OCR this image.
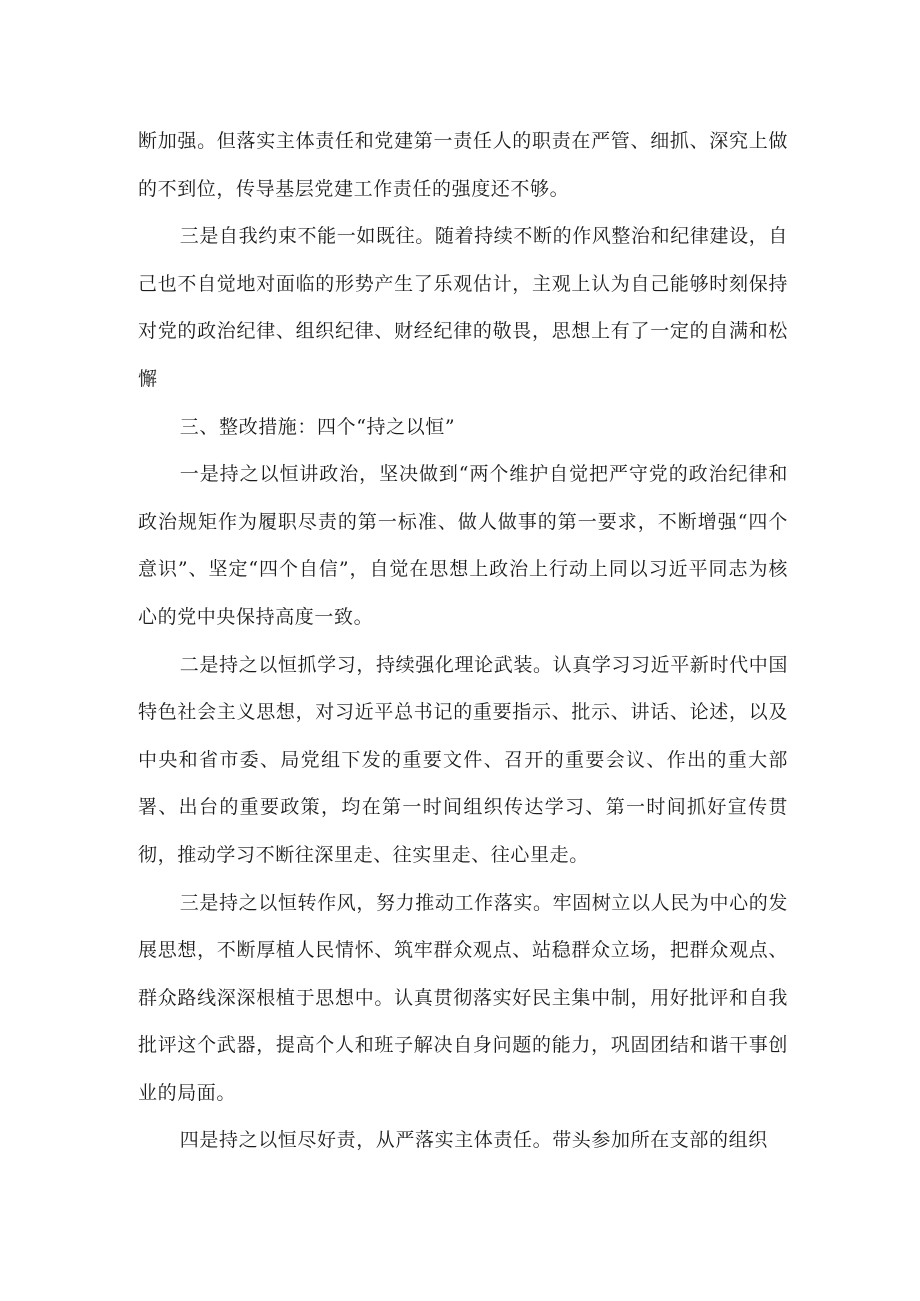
断加强。但落实主体责任和党建第一责任人的职责在严管、细抓、深究上做的不到位，传导基层党建工作责任的强度还不够。

三是自我约束不能一如既往。随着持续不断的作风整治和纪律建设，自己也不自觉地对面临的形势产生了乐观估计，主观上认为自己能够时刻保持对党的政治纪律、组织纪律、财经纪律的敬畏，思想上有了一定的自满和松懈

三、整改措施：四个“持之以恒”

一是持之以恒讲政治，坚决做到“两个维护自觉把严守党的政治纪律和政治规矩作为履职尽责的第一标准、做人做事的第一要求，不断增强“四个意识”、坚定“四个自信”，自觉在思想上政治上行动上同以习近平同志为核心的党中央保持高度一致。

二是持之以恒抓学习，持续强化理论武装。认真学习习近平新时代中国特色社会主义思想，对习近平总书记的重要指示、批示、讲话、论述，以及中央和省市委、局党组下发的重要文件、召开的重要会议、作出的重大部署、出台的重要政策，均在第一时间组织传达学习、第一时间抓好宣传贯彻，推动学习不断往深里走、往实里走、往心里走。

三是持之以恒转作风，努力推动工作落实。牢固树立以人民为中心的发展思想，不断厚植人民情怀、筑牢群众观点、站稳群众立场，把群众观点、群众路线深深根植于思想中。认真贯彻落实好民主集中制，用好批评和自我批评这个武器，提高个人和班子解决自身问题的能力，巩固团结和谐干事创业的局面。

四是持之以恒尽好责，从严落实主体责任。带头参加所在支部的组织
